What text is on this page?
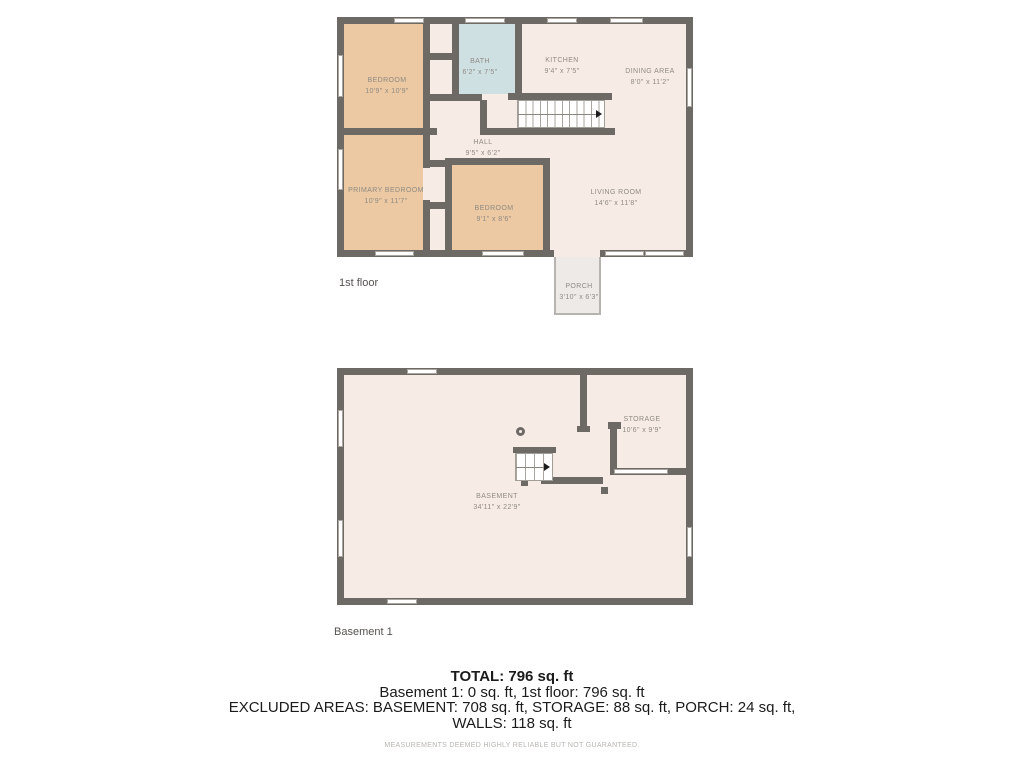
BEDROOM
10'9" x 10'9"
BATH
6'2" x 7'5"
KITCHEN
9'4" x 7'5"	DINING AREA
8'0" x 11'2"
HALL
9'5" x 6'2"
PRIMARY BEDROOM
10'9" x 11'7"
BEDROOM
9'1" x 8'6"
LIVING ROOM
14'6" x 11'8"
PORCH
3'10" x 6'3"
1st floor
STORAGE
10'6" x 9'9"
BASEMENT
34'11" x 22'9"
Basement 1
TOTAL: 796 sq. ft
Basement 1: 0 sq. ft, 1st floor: 796 sq. ft
EXCLUDED AREAS: BASEMENT: 708 sq. ft, STORAGE: 88 sq. ft, PORCH: 24 sq. ft,
WALLS: 118 sq. ft
MEASUREMENTS DEEMED HIGHLY RELIABLE BUT NOT GUARANTEED.
